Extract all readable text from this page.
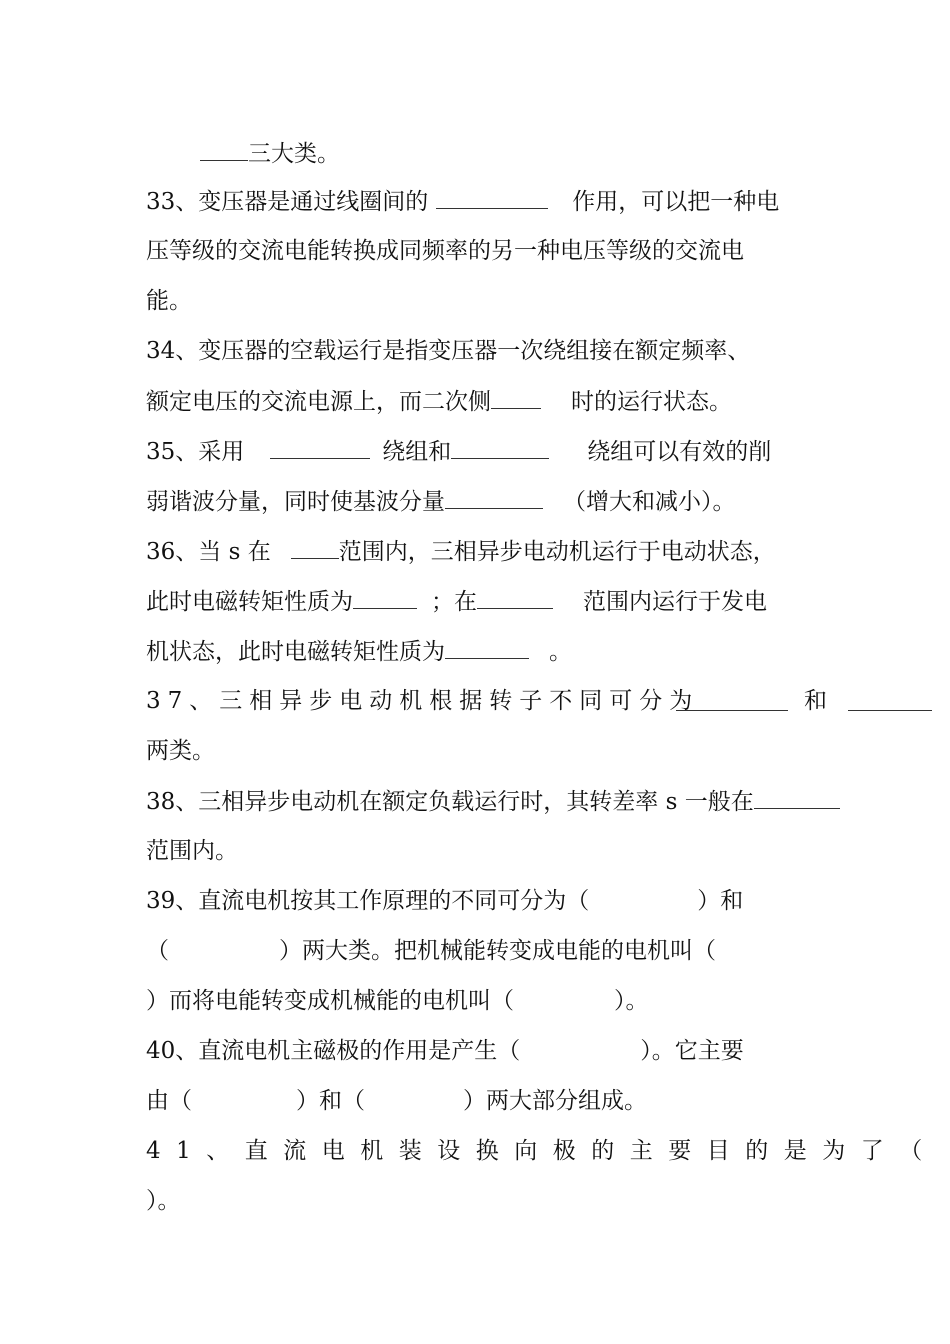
三大类。
33、变压器是通过线圈间的	作用，可以把一种电
压等级的交流电能转换成同频率的另一种电压等级的交流电
能。
34、变压器的空载运行是指变压器一次绕组接在额定频率、
额定电压的交流电源上，而二次侧	时的运行状态。
35、采用	绕组和	绕组可以有效的削
弱谐波分量，同时使基波分量	（增大和减小）。
36、当 s 在	范围内，三相异步电动机运行于电动状态，
此时电磁转矩性质为	；在	范围内运行于发电
机状态，此时电磁转矩性质为	。
37、三相异步电动机根据转子不同可分为	和
两类。
38、三相异步电动机在额定负载运行时，其转差率 s 一般在
范围内。
39、直流电机按其工作原理的不同可分为（	）和
（	）两大类。把机械能转变成电能的电机叫（
）而将电能转变成机械能的电机叫（	）。
40、直流电机主磁极的作用是产生（	）。它主要
由（	）和（	）两大部分组成。
41、直流电机装设换向极的主要目的是为了（
）。
